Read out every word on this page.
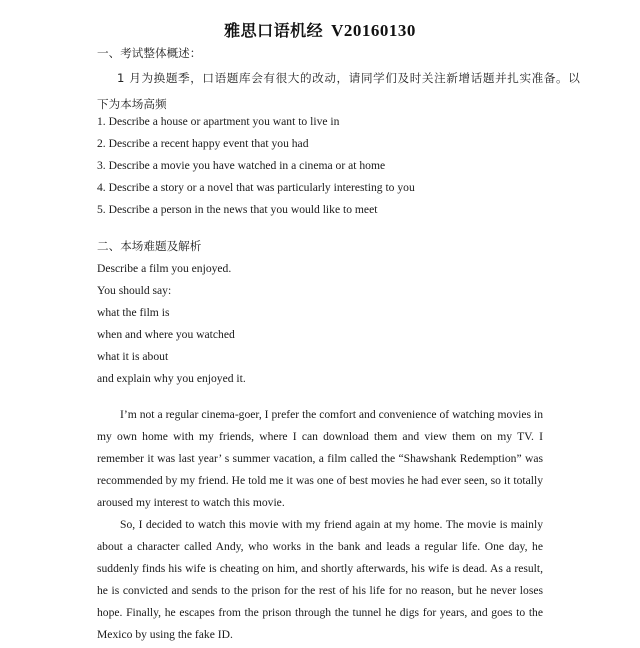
雅思口语机经 V20160130
一、考试整体概述：
1 月为换题季，口语题库会有很大的改动，请同学们及时关注新增话题并扎实准备。以
下为本场高频
1. Describe a house or apartment you want to live in
2. Describe a recent happy event that you had
3. Describe a movie you have watched in a cinema or at home
4. Describe a story or a novel that was particularly interesting to you
5. Describe a person in the news that you would like to meet
二、本场难题及解析
Describe a film you enjoyed.
You should say:
what the film is
when and where you watched
what it is about
and explain why you enjoyed it.

I’m not a regular cinema-goer, I prefer the comfort and convenience of watching movies in my own home with my friends, where I can download them and view them on my TV. I remember it was last year’ s summer vacation, a film called the “Shawshank Redemption” was recommended by my friend. He told me it was one of best movies he had ever seen, so it totally aroused my interest to watch this movie.

So, I decided to watch this movie with my friend again at my home. The movie is mainly about a character called Andy, who works in the bank and leads a regular life. One day, he suddenly finds his wife is cheating on him, and shortly afterwards, his wife is dead. As a result, he is convicted and sends to the prison for the rest of his life for no reason, but he never loses hope. Finally, he escapes from the prison through the tunnel he digs for years, and goes to the Mexico by using the fake ID.
